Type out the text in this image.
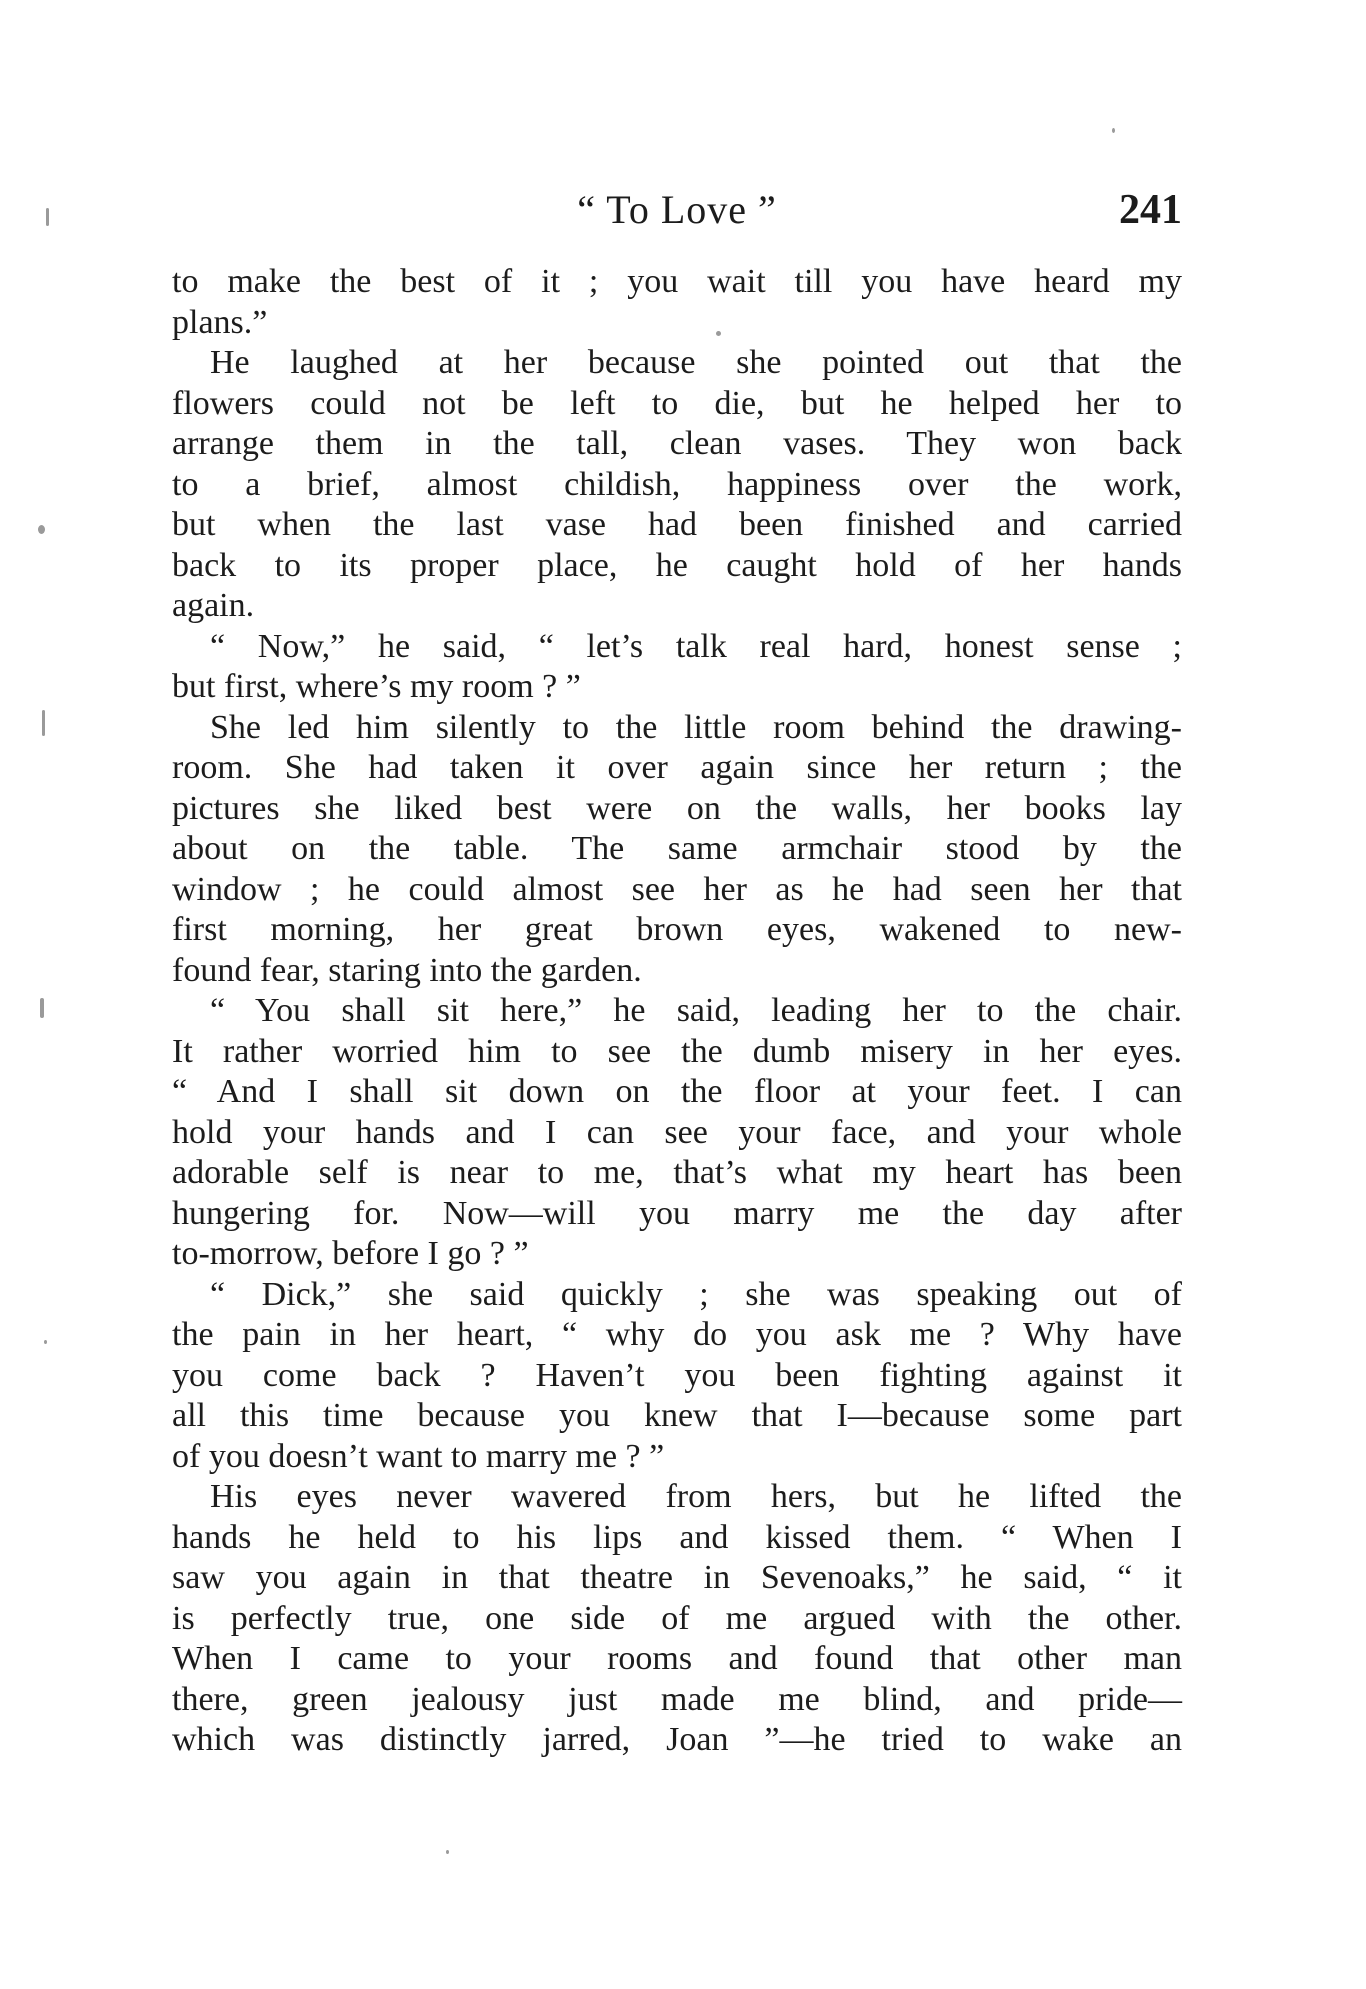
“ To Love ”	241
to make the best of it ; you wait till you have heard my
plans.”
He laughed at her because she pointed out that the
flowers could not be left to die, but he helped her to
arrange them in the tall, clean vases. They won back
to a brief, almost childish, happiness over the work,
but when the last vase had been finished and carried
back to its proper place, he caught hold of her hands
again.
“ Now,” he said, “ let’s talk real hard, honest sense ;
but first, where’s my room ? ”
She led him silently to the little room behind the drawing-
room. She had taken it over again since her return ; the
pictures she liked best were on the walls, her books lay
about on the table. The same armchair stood by the
window ; he could almost see her as he had seen her that
first morning, her great brown eyes, wakened to new-
found fear, staring into the garden.
“ You shall sit here,” he said, leading her to the chair.
It rather worried him to see the dumb misery in her eyes.
“ And I shall sit down on the floor at your feet. I can
hold your hands and I can see your face, and your whole
adorable self is near to me, that’s what my heart has been
hungering for. Now—will you marry me the day after
to-morrow, before I go ? ”
“ Dick,” she said quickly ; she was speaking out of
the pain in her heart, “ why do you ask me ? Why have
you come back ? Haven’t you been fighting against it
all this time because you knew that I—because some part
of you doesn’t want to marry me ? ”
His eyes never wavered from hers, but he lifted the
hands he held to his lips and kissed them. “ When I
saw you again in that theatre in Sevenoaks,” he said, “ it
is perfectly true, one side of me argued with the other.
When I came to your rooms and found that other man
there, green jealousy just made me blind, and pride—
which was distinctly jarred, Joan ”—he tried to wake an
